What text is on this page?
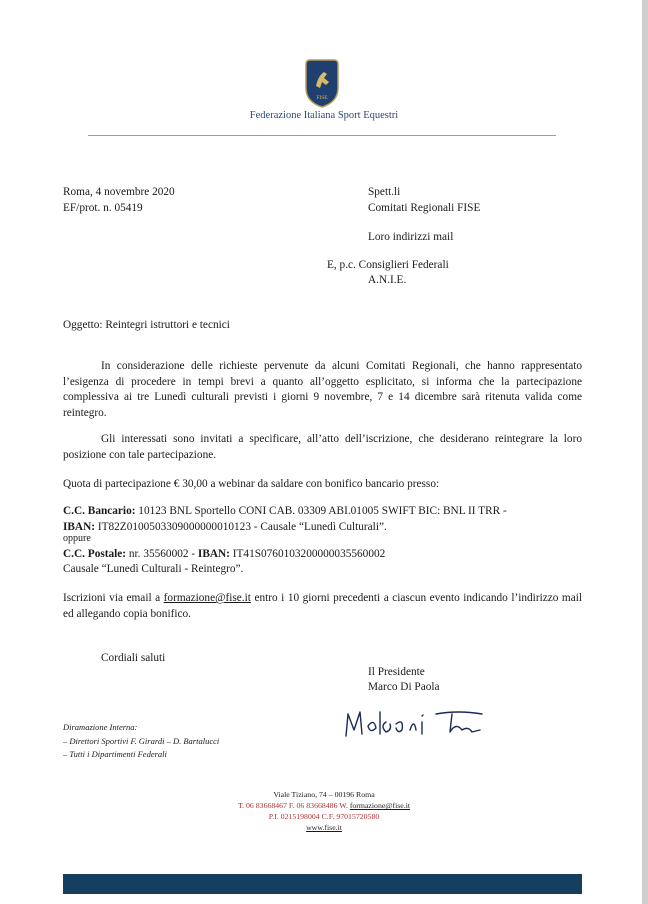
FISE
Federazione Italiana Sport Equestri
Roma, 4 novembre 2020
EF/prot. n. 05419
Spett.li
Comitati Regionali FISE
Loro indirizzi mail
E, p.c. Consiglieri Federali
A.N.I.E.
Oggetto: Reintegri istruttori e tecnici
In considerazione delle richieste pervenute da alcuni Comitati Regionali, che hanno rappresentato l’esigenza di procedere in tempi brevi a quanto all’oggetto esplicitato, si informa che la partecipazione complessiva ai tre Lunedì culturali previsti i giorni 9 novembre, 7 e 14 dicembre sarà ritenuta valida come reintegro.
Gli interessati sono invitati a specificare, all’atto dell’iscrizione, che desiderano reintegrare la loro posizione con tale partecipazione.
Quota di partecipazione € 30,00 a webinar da saldare con bonifico bancario presso:
C.C. Bancario: 10123 BNL Sportello CONI CAB. 03309 ABI.01005 SWIFT BIC: BNL II TRR -
IBAN: IT82Z0100503309000000010123 - Causale “Lunedì Culturali”.
oppure
C.C. Postale: nr. 35560002 - IBAN: IT41S0760103200000035560002
Causale “Lunedì Culturali - Reintegro”.
Iscrizioni via email a formazione@fise.it entro i 10 giorni precedenti a ciascun evento indicando l’indirizzo mail ed allegando copia bonifico.
Cordiali saluti
Il Presidente
Marco Di Paola
Diramazione Interna:
– Direttori Sportivi F. Girardi – D. Bartalucci
– Tutti i Dipartimenti Federali
Viale Tiziano, 74 – 00196 Roma
T. 06 83668467 F. 06 83668486 W. formazione@fise.it
P.I. 0215198004 C.F. 97015720580
www.fise.it
